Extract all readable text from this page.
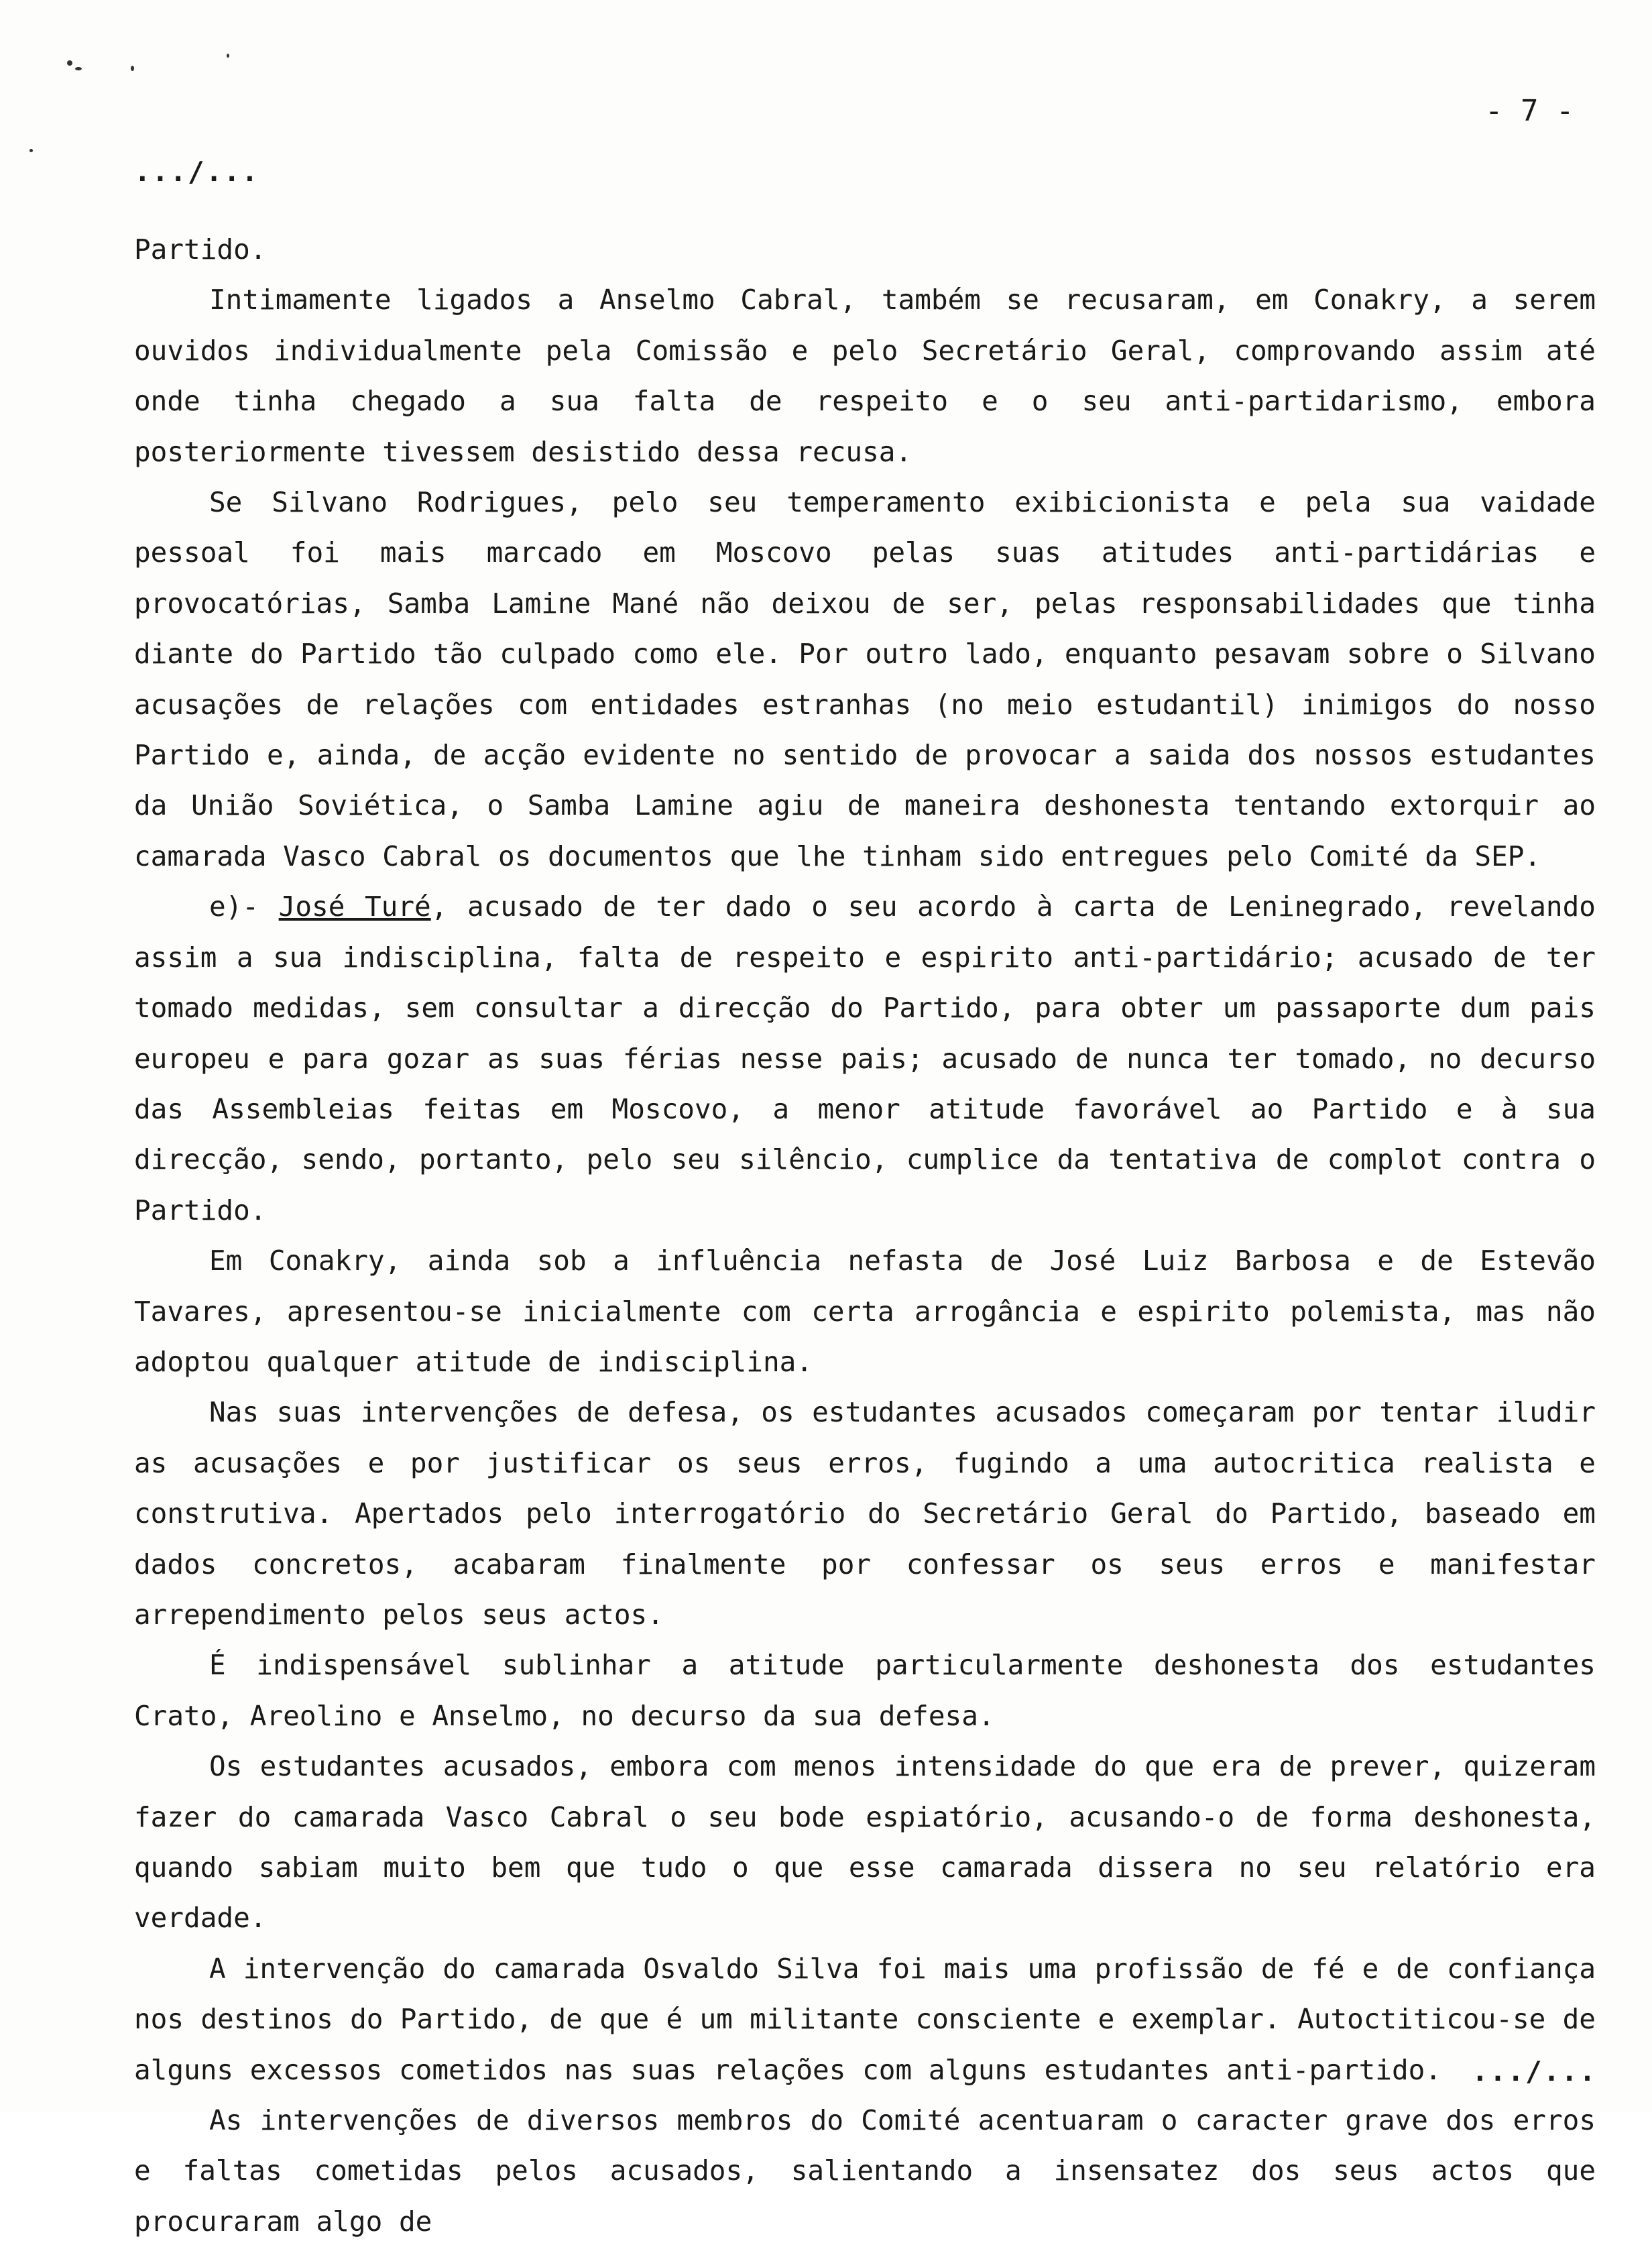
- 7 -
.../...

Partido.

Intimamente ligados a Anselmo Cabral, também se recusaram, em Conakry, a serem ouvidos individualmente pela Comissão e pelo Secretário Geral, comprovando assim até onde tinha chegado a sua falta de respeito e o seu anti-partidarismo, embora posteriormente tivessem desistido dessa recusa.

Se Silvano Rodrigues, pelo seu temperamento exibicionista e pela sua vaidade pessoal foi mais marcado em Moscovo pelas suas atitudes anti-partidárias e provocatórias, Samba Lamine Mané não deixou de ser, pelas responsabilidades que tinha diante do Partido tão culpado como ele. Por outro lado, enquanto pesavam sobre o Silvano acusações de relações com entidades estranhas (no meio estudantil) inimigos do nosso Partido e, ainda, de acção evidente no sentido de provocar a saida dos nossos estudantes da União Soviética, o Samba Lamine agiu de maneira deshonesta tentando extorquir ao camarada Vasco Cabral os documentos que lhe tinham sido entregues pelo Comité da SEP.

e)- José Turé, acusado de ter dado o seu acordo à carta de Leninegrado, revelando assim a sua indisciplina, falta de respeito e espirito anti-partidário; acusado de ter tomado medidas, sem consultar a direcção do Partido, para obter um passaporte dum pais europeu e para gozar as suas férias nesse pais; acusado de nunca ter tomado, no decurso das Assembleias feitas em Moscovo, a menor atitude favorável ao Partido e à sua direcção, sendo, portanto, pelo seu silêncio, cumplice da tentativa de complot contra o Partido.

Em Conakry, ainda sob a influência nefasta de José Luiz Barbosa e de Estevão Tavares, apresentou-se inicialmente com certa arrogância e espirito polemista, mas não adoptou qualquer atitude de indisciplina.

Nas suas intervenções de defesa, os estudantes acusados começaram por tentar iludir as acusações e por justificar os seus erros, fugindo a uma autocritica realista e construtiva. Apertados pelo interrogatório do Secretário Geral do Partido, baseado em dados concretos, acabaram finalmente por confessar os seus erros e manifestar arrependimento pelos seus actos.

É indispensável sublinhar a atitude particularmente deshonesta dos estudantes Crato, Areolino e Anselmo, no decurso da sua defesa.

Os estudantes acusados, embora com menos intensidade do que era de prever, quizeram fazer do camarada Vasco Cabral o seu bode espiatório, acusando-o de forma deshonesta, quando sabiam muito bem que tudo o que esse camarada dissera no seu relatório era verdade.

A intervenção do camarada Osvaldo Silva foi mais uma profissão de fé e de confiança nos destinos do Partido, de que é um militante consciente e exemplar. Autoctiticou-se de alguns excessos cometidos nas suas relações com alguns estudantes anti-partido.

As intervenções de diversos membros do Comité acentuaram o caracter grave dos erros e faltas cometidas pelos acusados, salientando a insensatez dos seus actos que procuraram algo de

.../...
